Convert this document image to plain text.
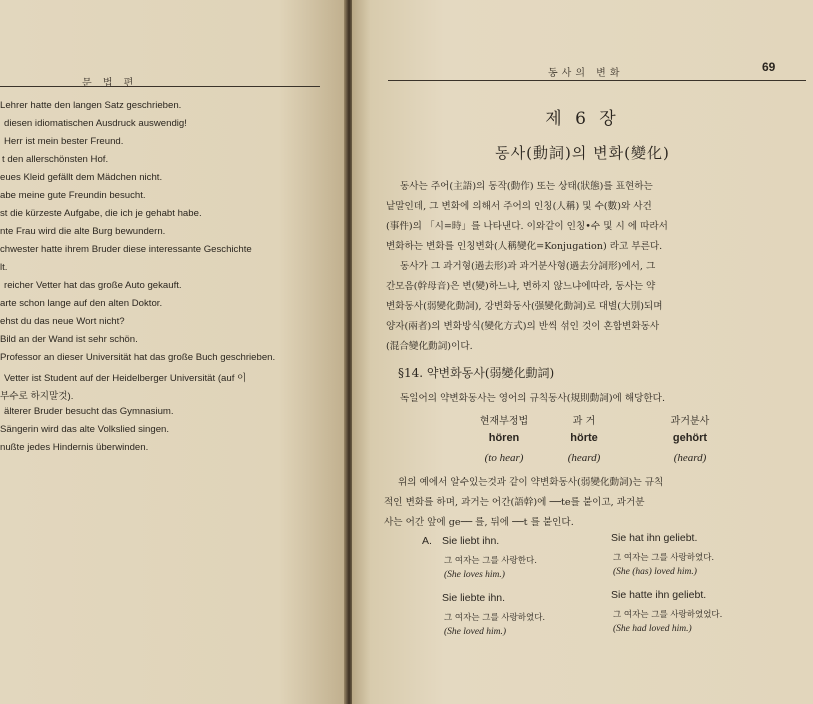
문 법 편
Lehrer hatte den langen Satz geschrieben.
diesen idiomatischen Ausdruck auswendig!
Herr ist mein bester Freund.
t den allerschönsten Hof.
eues Kleid gefällt dem Mädchen nicht.
abe meine gute Freundin besucht.
st die kürzeste Aufgabe, die ich je gehabt habe.
nte Frau wird die alte Burg bewundern.
chwester hatte ihrem Bruder diese interessante Geschichte
lt.
reicher Vetter hat das große Auto gekauft.
arte schon lange auf den alten Doktor.
ehst du das neue Wort nicht?
Bild an der Wand ist sehr schön.
Professor an dieser Universität hat das große Buch geschrieben.
Vetter ist Student auf der Heidelberger Universität (auf 이
부수로 하지말것).
älterer Bruder besucht das Gymnasium.
Sängerin wird das alte Volkslied singen.
nußte jedes Hindernis überwinden.
동사의 변화	69
제 6 장
동사(動詞)의 변화(變化)
동사는 주어(主語)의 동작(動作) 또는 상태(狀態)를 표현하는
낱말인데, 그 변화에 의해서 주어의 인칭(人稱) 및 수(數)와 사건
(事件)의 「시=時」를 나타낸다. 이와같이 인칭•수 및 시 에 따라서
변화하는 변화를 인칭변화(人稱變化=Konjugation) 라고 부른다.
동사가 그 과거형(過去形)과 과거분사형(過去分詞形)에서, 그
간모음(幹母音)은 변(變)하느냐, 변하지 않느냐에따라, 동사는 약
변화동사(弱變化動詞), 강변화동사(强變化動詞)로 대별(大別)되며
양자(兩者)의 변화방식(變化方式)의 반씩 섞인 것이 혼합변화동사
(混合變化動詞)이다.
§14. 약변화동사(弱變化動詞)
독일어의 약변화동사는 영어의 규칙동사(規則動詞)에 해당한다.
현재부정법	과 거	과거분사
hören	hörte	gehört
(to hear)	(heard)	(heard)
위의 예에서 알수있는것과 같이 약변화동사(弱變化動詞)는 규칙
적인 변화를 하며, 과거는 어간(語幹)에 ──te를 붙이고, 과거분
사는 어간 앞에 ge── 를, 뒤에 ──t 를 붙인다.
A. Sie liebt ihn.
그 여자는 그를 사랑한다.
(She loves him.)
Sie liebte ihn.
그 여자는 그를 사랑하였다.
(She loved him.)
Sie hat ihn geliebt.
그 여자는 그를 사랑하였다.
(She (has) loved him.)
Sie hatte ihn geliebt.
그 여자는 그를 사랑하였었다.
(She had loved him.)
